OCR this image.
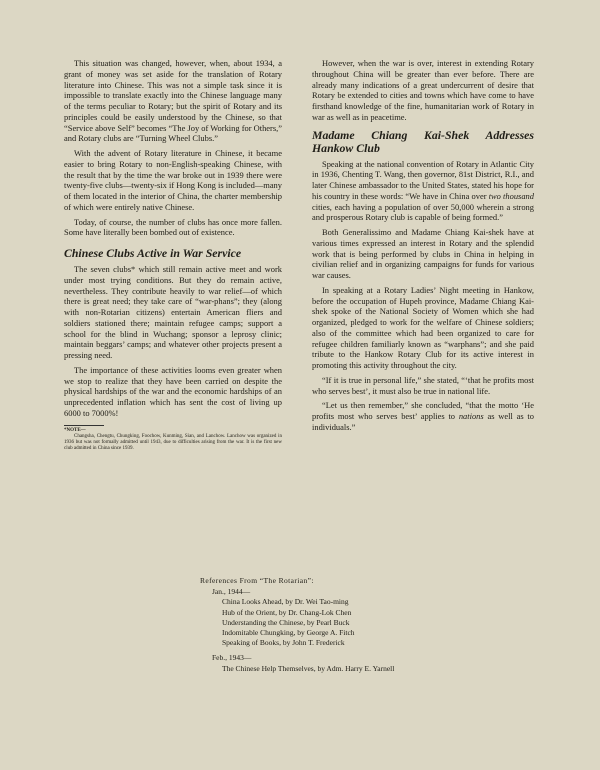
This situation was changed, however, when, about 1934, a grant of money was set aside for the translation of Rotary literature into Chinese. This was not a simple task since it is impossible to translate exactly into the Chinese language many of the terms peculiar to Rotary; but the spirit of Rotary and its principles could be easily understood by the Chinese, so that “Service above Self” becomes “The Joy of Working for Others,” and Rotary clubs are “Turning Wheel Clubs.”

With the advent of Rotary literature in Chinese, it became easier to bring Rotary to non-English-speaking Chinese, with the result that by the time the war broke out in 1939 there were twenty-five clubs—twenty-six if Hong Kong is included—many of them located in the interior of China, the charter membership of which were entirely native Chinese.

Today, of course, the number of clubs has once more fallen. Some have literally been bombed out of existence.

Chinese Clubs Active in War Service

The seven clubs* which still remain active meet and work under most trying conditions. But they do remain active, nevertheless. They contribute heavily to war relief—of which there is great need; they take care of “war-phans”; they (along with non-Rotarian citizens) entertain American fliers and soldiers stationed there; maintain refugee camps; support a school for the blind in Wuchang; sponsor a leprosy clinic; maintain beggars’ camps; and whatever other projects present a pressing need.

The importance of these activities looms even greater when we stop to realize that they have been carried on despite the physical hardships of the war and the economic hardships of an unprecedented inflation which has sent the cost of living up 6000 to 7000%!

*NOTE—

Changsha, Chengtu, Chungking, Foochow, Kunming, Sian, and Lanchow. Lanchow was organized in 1936 but was not formally admitted until 1943, due to difficulties arising from the war. It is the first new club admitted in China since 1939.

However, when the war is over, interest in extending Rotary throughout China will be greater than ever before. There are already many indications of a great undercurrent of desire that Rotary be extended to cities and towns which have come to have firsthand knowledge of the fine, humanitarian work of Rotary in war as well as in peacetime.

Madame Chiang Kai-Shek Addresses Hankow Club

Speaking at the national convention of Rotary in Atlantic City in 1936, Chenting T. Wang, then governor, 81st District, R.I., and later Chinese ambassador to the United States, stated his hope for his country in these words: “We have in China over two thousand cities, each having a population of over 50,000 wherein a strong and prosperous Rotary club is capable of being formed.”

Both Generalissimo and Madame Chiang Kai-shek have at various times expressed an interest in Rotary and the splendid work that is being performed by clubs in China in helping in civilian relief and in organizing campaigns for funds for various war causes.

In speaking at a Rotary Ladies’ Night meeting in Hankow, before the occupation of Hupeh province, Madame Chiang Kai-shek spoke of the National Society of Women which she had organized, pledged to work for the welfare of Chinese soldiers; also of the committee which had been organized to care for refugee children familiarly known as “warphans”; and she paid tribute to the Hankow Rotary Club for its active interest in promoting this activity throughout the city.

“If it is true in personal life,” she stated, “‘that he profits most who serves best’, it must also be true in national life.

“Let us then remember,” she concluded, “that the motto ‘He profits most who serves best’ applies to nations as well as to individuals.”

References From “The Rotarian”:
Jan., 1944—
China Looks Ahead, by Dr. Wei Tao-ming
Hub of the Orient, by Dr. Chang-Lok Chen
Understanding the Chinese, by Pearl Buck
Indomitable Chungking, by George A. Fitch
Speaking of Books, by John T. Frederick
Feb., 1943—
The Chinese Help Themselves, by Adm. Harry E. Yarnell
